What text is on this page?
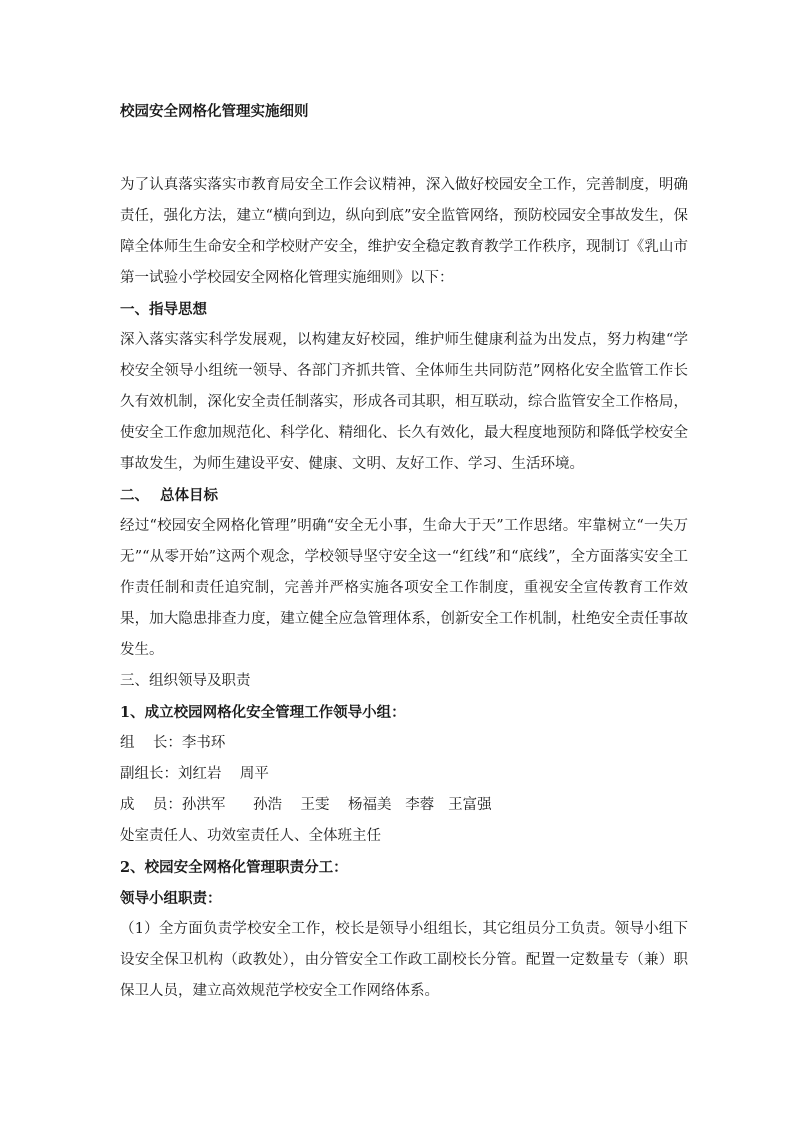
校园安全网格化管理实施细则

为了认真落实落实市教育局安全工作会议精神，深入做好校园安全工作，完善制度，明确责任，强化方法，建立“横向到边，纵向到底”安全监管网络，预防校园安全事故发生，保障全体师生生命安全和学校财产安全，维护安全稳定教育教学工作秩序，现制订《乳山市第一试验小学校园安全网格化管理实施细则》以下：

一、指导思想

深入落实落实科学发展观，以构建友好校园，维护师生健康利益为出发点，努力构建“学校安全领导小组统一领导、各部门齐抓共管、全体师生共同防范”网格化安全监管工作长久有效机制，深化安全责任制落实，形成各司其职，相互联动，综合监管安全工作格局，使安全工作愈加规范化、科学化、精细化、长久有效化，最大程度地预防和降低学校安全事故发生，为师生建设平安、健康、文明、友好工作、学习、生活环境。

二、 总体目标

经过“校园安全网格化管理”明确“安全无小事，生命大于天”工作思绪。牢靠树立“一失万无”“从零开始”这两个观念，学校领导坚守安全这一“红线”和“底线”，全方面落实安全工作责任制和责任追究制，完善并严格实施各项安全工作制度，重视安全宣传教育工作效果，加大隐患排查力度，建立健全应急管理体系，创新安全工作机制，杜绝安全责任事故发生。

三、组织领导及职责

1、成立校园网格化安全管理工作领导小组：

组    长：李书环

副组长：刘红岩    周平

成    员：孙洪军      孙浩    王雯    杨福美   李蓉   王富强

处室责任人、功效室责任人、全体班主任

2、校园安全网格化管理职责分工：

领导小组职责：

（1）全方面负责学校安全工作，校长是领导小组组长，其它组员分工负责。领导小组下设安全保卫机构（政教处），由分管安全工作政工副校长分管。配置一定数量专（兼）职保卫人员，建立高效规范学校安全工作网络体系。
